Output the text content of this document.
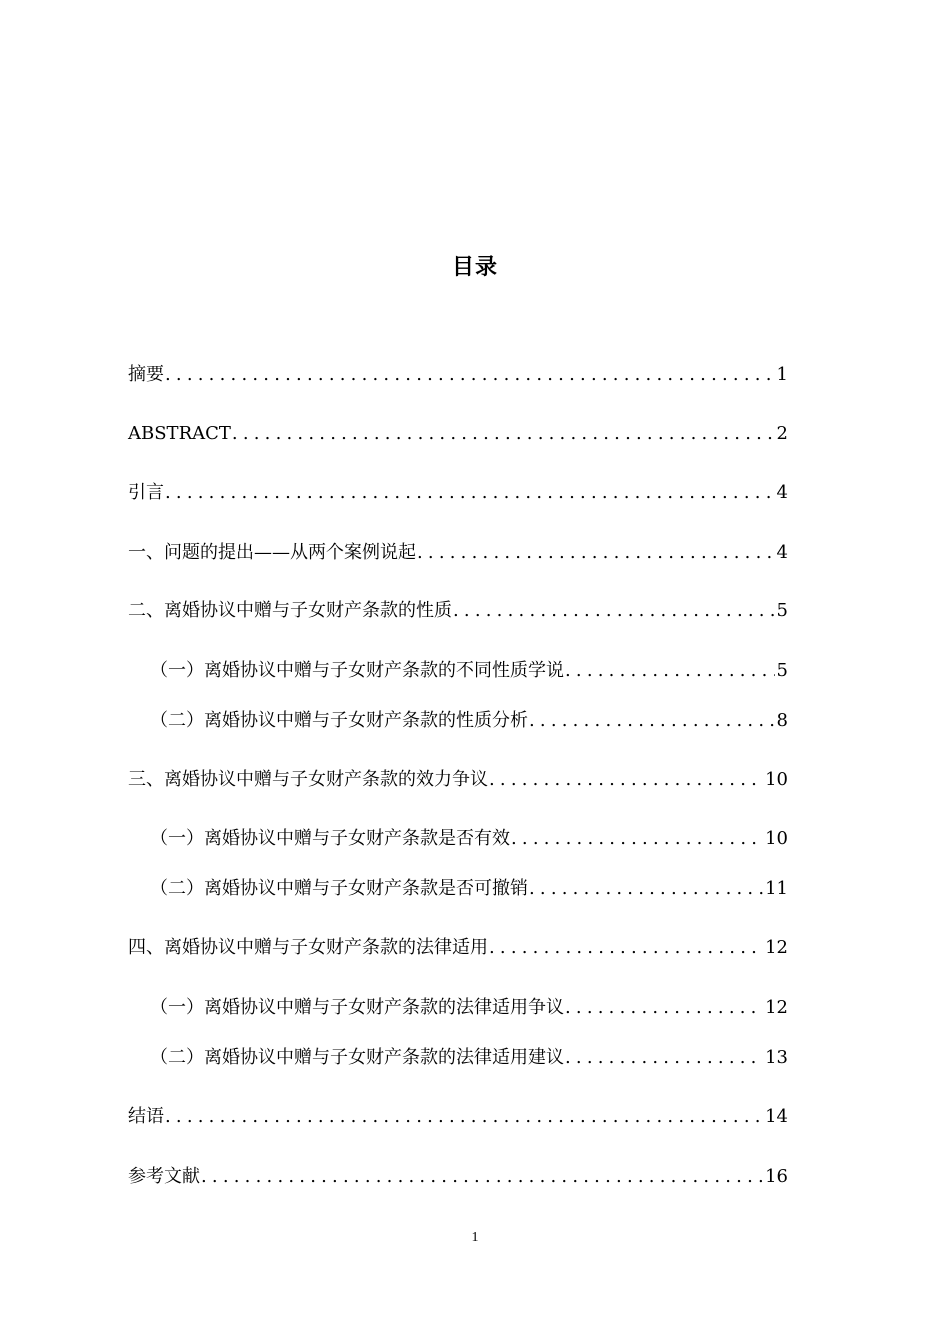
目录
摘要 .....	1
ABSTRACT .....	2
引言 .....	4
一、问题的提出——从两个案例说起 .....	4
二、离婚协议中赠与子女财产条款的性质 .....	5
（一）离婚协议中赠与子女财产条款的不同性质学说 .....	5
（二）离婚协议中赠与子女财产条款的性质分析 .....	8
三、离婚协议中赠与子女财产条款的效力争议 .....	10
（一）离婚协议中赠与子女财产条款是否有效 .....	10
（二）离婚协议中赠与子女财产条款是否可撤销 .....	11
四、离婚协议中赠与子女财产条款的法律适用 .....	12
（一）离婚协议中赠与子女财产条款的法律适用争议 .....	12
（二）离婚协议中赠与子女财产条款的法律适用建议 .....	13
结语 .....	14
参考文献 .....	16
1
